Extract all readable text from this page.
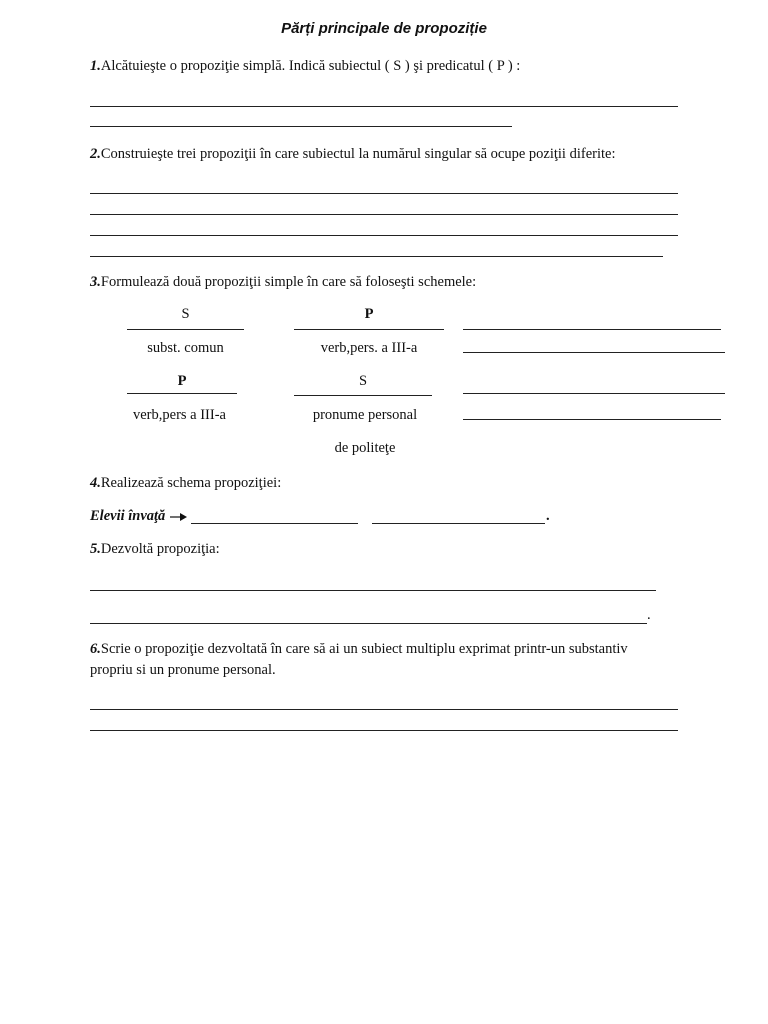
Părți principale de propoziție
1.Alcătuieşte o propoziţie simplă. Indică subiectul ( S ) şi predicatul ( P ) :
2.Construieşte trei propoziţii în care subiectul la numărul singular să ocupe poziţii diferite:
3.Formulează două propoziţii simple în care să foloseşti schemele:
S
subst. comun
P
verb,pers. a III-a
P
verb,pers a III-a
S
pronume personal
de politeţe
4.Realizează schema propoziţiei:
Elevii învaţă	.
5.Dezvoltă propoziţia:
.
6.Scrie o propoziţie dezvoltată în care să ai un subiect multiplu exprimat printr-un substantiv
propriu si un pronume personal.
